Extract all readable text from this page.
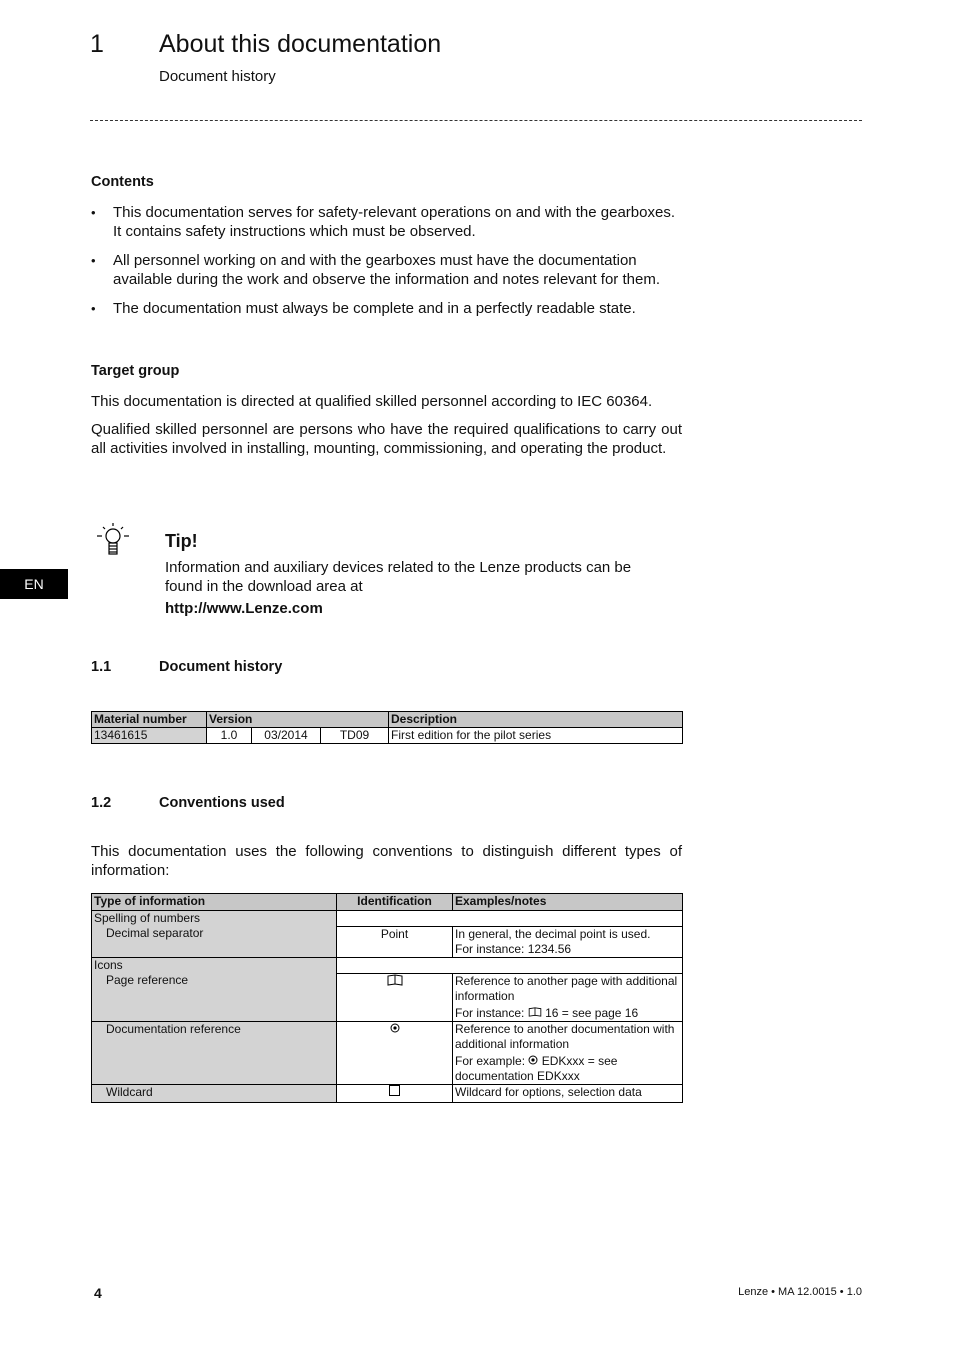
1 About this documentation
Document history
Contents
• This documentation serves for safety-relevant operations on and with the gearboxes. It contains safety instructions which must be observed.
• All personnel working on and with the gearboxes must have the documentation available during the work and observe the information and notes relevant for them.
• The documentation must always be complete and in a perfectly readable state.
Target group
This documentation is directed at qualified skilled personnel according to IEC 60364.
Qualified skilled personnel are persons who have the required qualifications to carry out all activities involved in installing, mounting, commissioning, and operating the product.
Tip!
Information and auxiliary devices related to the Lenze products can be found in the download area at
http://www.Lenze.com
EN
1.1	Document history
Material number	Version			Description
13461615	1.0	03/2014	TD09	First edition for the pilot series
1.2	Conventions used
This documentation uses the following conventions to distinguish different types of information:
Type of information	Identification	Examples/notes
Spelling of numbers		
Decimal separator	Point	In general, the decimal point is used.
For instance: 1234.56

Icons		
Page reference		Reference to another page with additional information
For instance: 16 = see page 16

Documentation reference		Reference to another documentation with additional information
For example: EDKxxx = see documentation EDKxxx

Wildcard		Wildcard for options, selection data
4	Lenze • MA 12.0015 • 1.0
